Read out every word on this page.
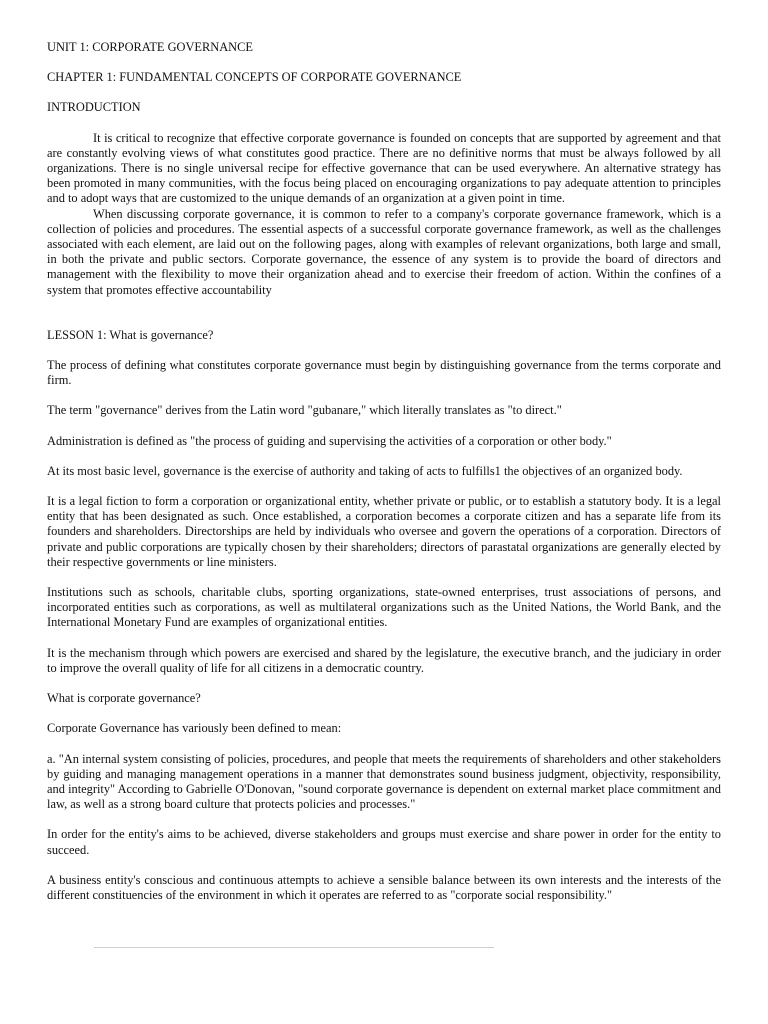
UNIT 1: CORPORATE GOVERNANCE

CHAPTER 1: FUNDAMENTAL CONCEPTS OF CORPORATE GOVERNANCE

INTRODUCTION

It is critical to recognize that effective corporate governance is founded on concepts that are supported by agreement and that are constantly evolving views of what constitutes good practice. There are no definitive norms that must be always followed by all organizations. There is no single universal recipe for effective governance that can be used everywhere. An alternative strategy has been promoted in many communities, with the focus being placed on encouraging organizations to pay adequate attention to principles and to adopt ways that are customized to the unique demands of an organization at a given point in time.

When discussing corporate governance, it is common to refer to a company's corporate governance framework, which is a collection of policies and procedures. The essential aspects of a successful corporate governance framework, as well as the challenges associated with each element, are laid out on the following pages, along with examples of relevant organizations, both large and small, in both the private and public sectors. Corporate governance, the essence of any system is to provide the board of directors and management with the flexibility to move their organization ahead and to exercise their freedom of action. Within the confines of a system that promotes effective accountability

LESSON 1: What is governance?

The process of defining what constitutes corporate governance must begin by distinguishing governance from the terms corporate and firm.

The term "governance" derives from the Latin word "gubanare," which literally translates as "to direct."

Administration is defined as "the process of guiding and supervising the activities of a corporation or other body."

At its most basic level, governance is the exercise of authority and taking of acts to fulfills1 the objectives of an organized body.

It is a legal fiction to form a corporation or organizational entity, whether private or public, or to establish a statutory body. It is a legal entity that has been designated as such. Once established, a corporation becomes a corporate citizen and has a separate life from its founders and shareholders. Directorships are held by individuals who oversee and govern the operations of a corporation. Directors of private and public corporations are typically chosen by their shareholders; directors of parastatal organizations are generally elected by their respective governments or line ministers.

Institutions such as schools, charitable clubs, sporting organizations, state-owned enterprises, trust associations of persons, and incorporated entities such as corporations, as well as multilateral organizations such as the United Nations, the World Bank, and the International Monetary Fund are examples of organizational entities.

It is the mechanism through which powers are exercised and shared by the legislature, the executive branch, and the judiciary in order to improve the overall quality of life for all citizens in a democratic country.

What is corporate governance?

Corporate Governance has variously been defined to mean:

a. "An internal system consisting of policies, procedures, and people that meets the requirements of shareholders and other stakeholders by guiding and managing management operations in a manner that demonstrates sound business judgment, objectivity, responsibility, and integrity" According to Gabrielle O'Donovan, "sound corporate governance is dependent on external market place commitment and law, as well as a strong board culture that protects policies and processes."

In order for the entity's aims to be achieved, diverse stakeholders and groups must exercise and share power in order for the entity to succeed.

A business entity's conscious and continuous attempts to achieve a sensible balance between its own interests and the interests of the different constituencies of the environment in which it operates are referred to as "corporate social responsibility."
